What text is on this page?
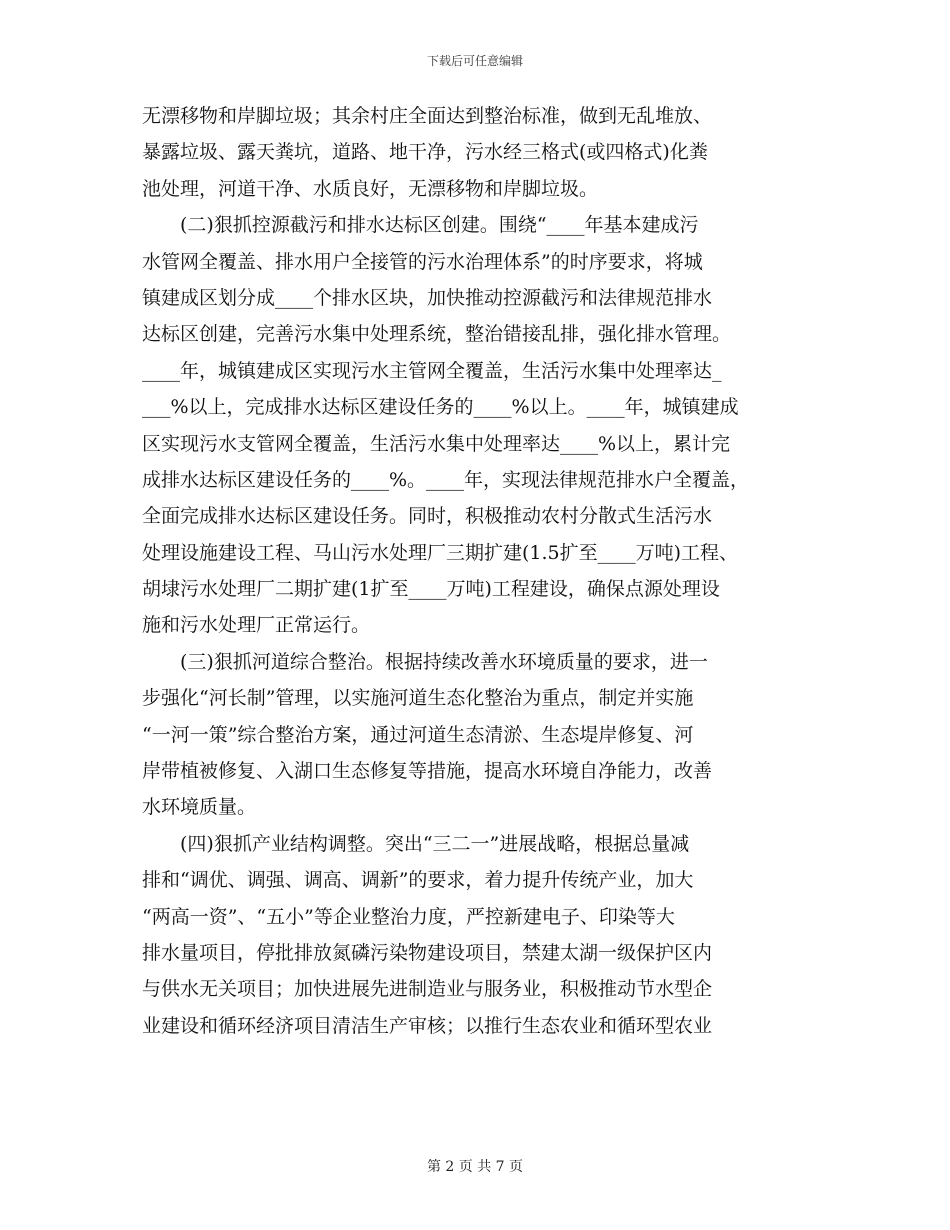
下载后可任意编辑
无漂移物和岸脚垃圾；其余村庄全面达到整治标准，做到无乱堆放、
暴露垃圾、露天粪坑，道路、地干净，污水经三格式(或四格式)化粪
池处理，河道干净、水质良好，无漂移物和岸脚垃圾。
　　(二)狠抓控源截污和排水达标区创建。围绕“____年基本建成污
水管网全覆盖、排水用户全接管的污水治理体系”的时序要求，将城
镇建成区划分成____个排水区块，加快推动控源截污和法律规范排水
达标区创建，完善污水集中处理系统，整治错接乱排，强化排水管理。
____年，城镇建成区实现污水主管网全覆盖，生活污水集中处理率达_
___%以上，完成排水达标区建设任务的____%以上。____年，城镇建成
区实现污水支管网全覆盖，生活污水集中处理率达____%以上，累计完
成排水达标区建设任务的____%。____年，实现法律规范排水户全覆盖，
全面完成排水达标区建设任务。同时，积极推动农村分散式生活污水
处理设施建设工程、马山污水处理厂三期扩建(1.5扩至____万吨)工程、
胡埭污水处理厂二期扩建(1扩至____万吨)工程建设，确保点源处理设
施和污水处理厂正常运行。
　　(三)狠抓河道综合整治。根据持续改善水环境质量的要求，进一
步强化“河长制”管理，以实施河道生态化整治为重点，制定并实施
“一河一策”综合整治方案，通过河道生态清淤、生态堤岸修复、河
岸带植被修复、入湖口生态修复等措施，提高水环境自净能力，改善
水环境质量。
　　(四)狠抓产业结构调整。突出“三二一”进展战略，根据总量减
排和“调优、调强、调高、调新”的要求，着力提升传统产业，加大
“两高一资”、“五小”等企业整治力度，严控新建电子、印染等大
排水量项目，停批排放氮磷污染物建设项目，禁建太湖一级保护区内
与供水无关项目；加快进展先进制造业与服务业，积极推动节水型企
业建设和循环经济项目清洁生产审核；以推行生态农业和循环型农业
第 2 页 共 7 页
